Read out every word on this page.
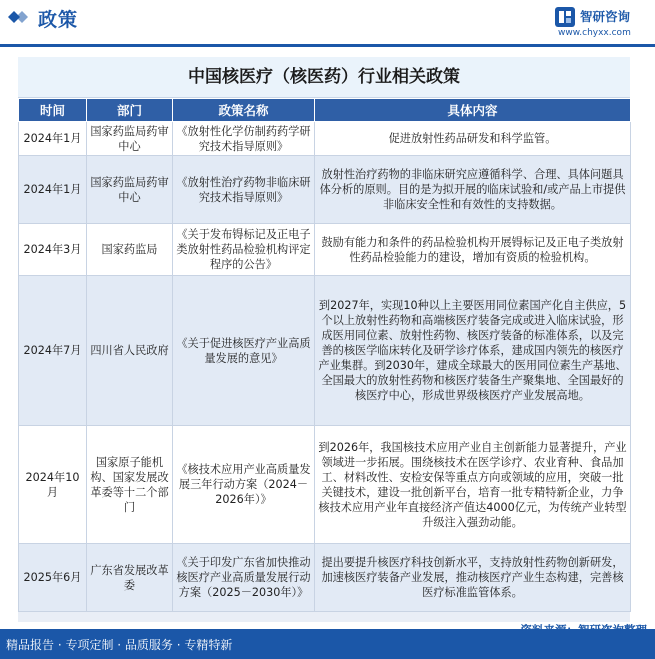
政策	智研咨询
www.chyxx.com
中国核医疗（核医药）行业相关政策
时间	部门	政策名称	具体内容
2024年1月	国家药监局药审中心	《放射性化学仿制药药学研究技术指导原则》	促进放射性药品研发和科学监管。
2024年1月	国家药监局药审中心	《放射性治疗药物非临床研究技术指导原则》	放射性治疗药物的非临床研究应遵循科学、合理、具体问题具体分析的原则。目的是为拟开展的临床试验和/或产品上市提供非临床安全性和有效性的支持数据。
2024年3月	国家药监局	《关于发布锝标记及正电子类放射性药品检验机构评定程序的公告》	鼓励有能力和条件的药品检验机构开展锝标记及正电子类放射性药品检验能力的建设，增加有资质的检验机构。
2024年7月	四川省人民政府	《关于促进核医疗产业高质量发展的意见》	到2027年，实现10种以上主要医用同位素国产化自主供应，5个以上放射性药物和高端核医疗装备完成或进入临床试验，形成医用同位素、放射性药物、核医疗装备的标准体系，以及完善的核医学临床转化及研学诊疗体系，建成国内领先的核医疗产业集群。到2030年，建成全球最大的医用同位素生产基地、全国最大的放射性药物和核医疗装备生产聚集地、全国最好的核医疗中心，形成世界级核医疗产业发展高地。
2024年10月	国家原子能机构、国家发展改革委等十二个部门	《核技术应用产业高质量发展三年行动方案（2024－2026年）》	到2026年，我国核技术应用产业自主创新能力显著提升，产业领域进一步拓展。围绕核技术在医学诊疗、农业育种、食品加工、材料改性、安检安保等重点方向或领域的应用，突破一批关键技术，建设一批创新平台，培育一批专精特新企业，力争核技术应用产业年直接经济产值达4000亿元，为传统产业转型升级注入强劲动能。
2025年6月	广东省发展改革委	《关于印发广东省加快推动核医疗产业高质量发展行动方案（2025－2030年）》	提出要提升核医疗科技创新水平，支持放射性药物创新研发，加速核医疗装备产业发展，推动核医疗产业生态构建，完善核医疗标准监管体系。
精品报告 · 专项定制 · 品质服务 · 专精特新
